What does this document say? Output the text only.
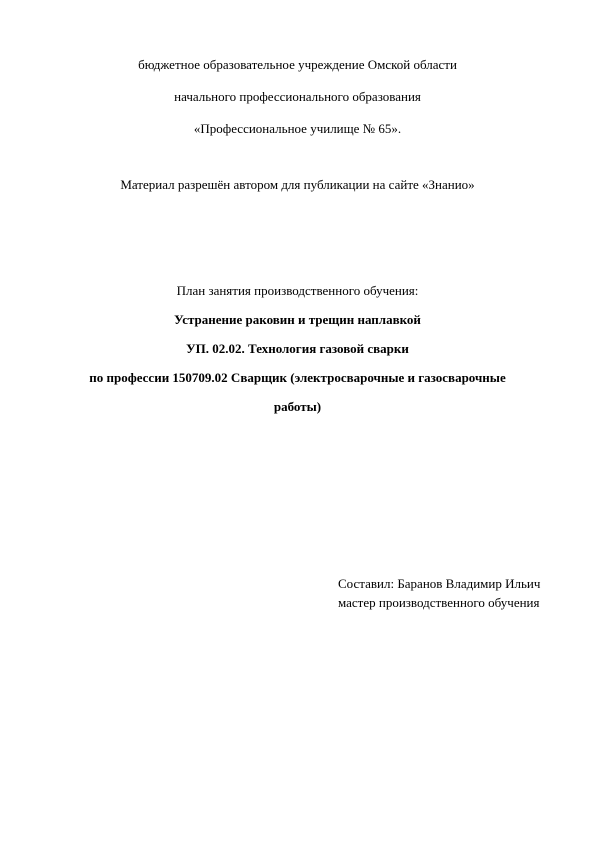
бюджетное образовательное учреждение Омской области
начального профессионального образования
«Профессиональное училище № 65».
Материал разрешён автором для публикации на сайте «Знанио»
План занятия производственного обучения:
Устранение раковин и трещин наплавкой
УП. 02.02. Технология газовой сварки
по профессии 150709.02 Сварщик (электросварочные и газосварочные
работы)
Составил: Баранов Владимир Ильич
мастер производственного обучения
